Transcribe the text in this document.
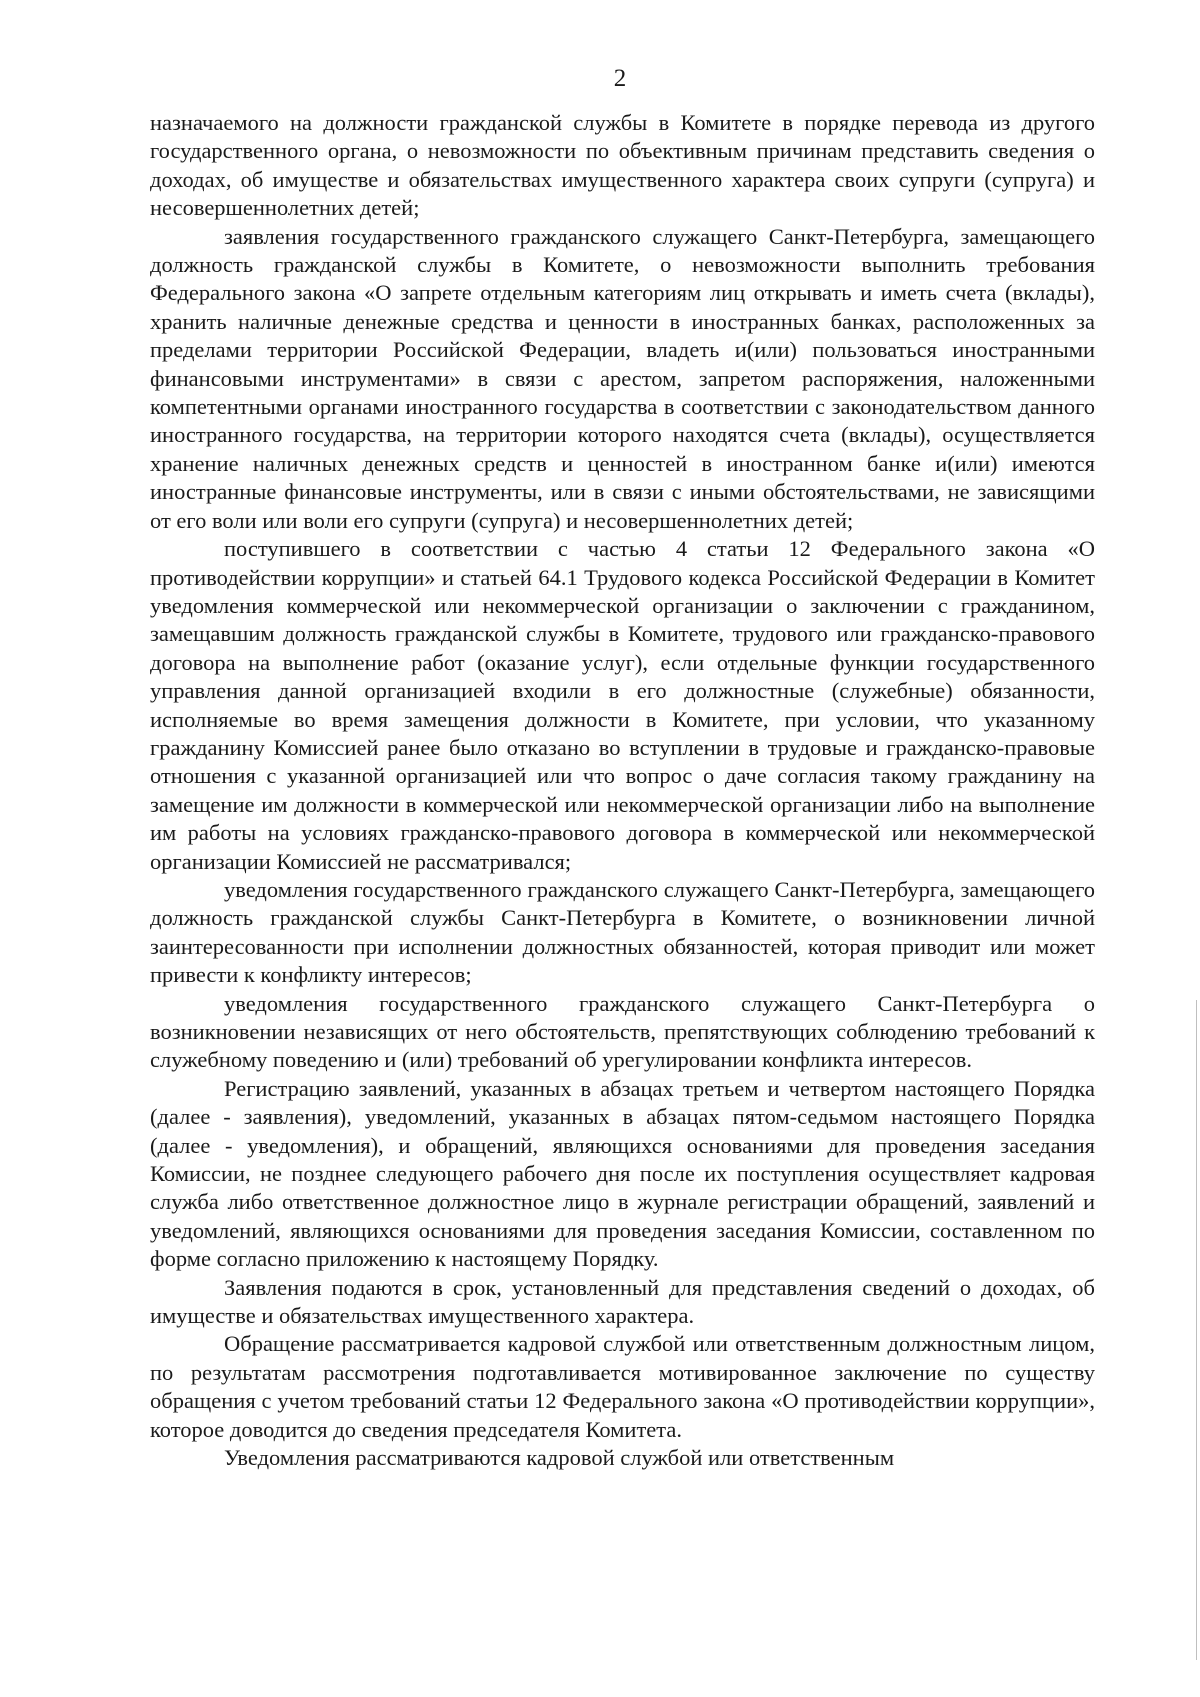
2

назначаемого на должности гражданской службы в Комитете в порядке перевода из другого государственного органа, о невозможности по объективным причинам представить сведения о доходах, об имуществе и обязательствах имущественного характера своих супруги (супруга) и несовершеннолетних детей;

заявления государственного гражданского служащего Санкт-Петербурга, замещающего должность гражданской службы в Комитете, о невозможности выполнить требования Федерального закона «О запрете отдельным категориям лиц открывать и иметь счета (вклады), хранить наличные денежные средства и ценности в иностранных банках, расположенных за пределами территории Российской Федерации, владеть и(или) пользоваться иностранными финансовыми инструментами» в связи с арестом, запретом распоряжения, наложенными компетентными органами иностранного государства в соответствии с законодательством данного иностранного государства, на территории которого находятся счета (вклады), осуществляется хранение наличных денежных средств и ценностей в иностранном банке и(или) имеются иностранные финансовые инструменты, или в связи с иными обстоятельствами, не зависящими от его воли или воли его супруги (супруга) и несовершеннолетних детей;

поступившего в соответствии с частью 4 статьи 12 Федерального закона «О противодействии коррупции» и статьей 64.1 Трудового кодекса Российской Федерации в Комитет уведомления коммерческой или некоммерческой организации о заключении с гражданином, замещавшим должность гражданской службы в Комитете, трудового или гражданско-правового договора на выполнение работ (оказание услуг), если отдельные функции государственного управления данной организацией входили в его должностные (служебные) обязанности, исполняемые во время замещения должности в Комитете, при условии, что указанному гражданину Комиссией ранее было отказано во вступлении в трудовые и гражданско-правовые отношения с указанной организацией или что вопрос о даче согласия такому гражданину на замещение им должности в коммерческой или некоммерческой организации либо на выполнение им работы на условиях гражданско-правового договора в коммерческой или некоммерческой организации Комиссией не рассматривался;

уведомления государственного гражданского служащего Санкт-Петербурга, замещающего должность гражданской службы Санкт-Петербурга в Комитете, о возникновении личной заинтересованности при исполнении должностных обязанностей, которая приводит или может привести к конфликту интересов;

уведомления государственного гражданского служащего Санкт-Петербурга о возникновении независящих от него обстоятельств, препятствующих соблюдению требований к служебному поведению и (или) требований об урегулировании конфликта интересов.

Регистрацию заявлений, указанных в абзацах третьем и четвертом настоящего Порядка (далее - заявления), уведомлений, указанных в абзацах пятом-седьмом настоящего Порядка (далее - уведомления), и обращений, являющихся основаниями для проведения заседания Комиссии, не позднее следующего рабочего дня после их поступления осуществляет кадровая служба либо ответственное должностное лицо в журнале регистрации обращений, заявлений и уведомлений, являющихся основаниями для проведения заседания Комиссии, составленном по форме согласно приложению к настоящему Порядку.

Заявления подаются в срок, установленный для представления сведений о доходах, об имуществе и обязательствах имущественного характера.

Обращение рассматривается кадровой службой или ответственным должностным лицом, по результатам рассмотрения подготавливается мотивированное заключение по существу обращения с учетом требований статьи 12 Федерального закона «О противодействии коррупции», которое доводится до сведения председателя Комитета.

Уведомления рассматриваются кадровой службой или ответственным
